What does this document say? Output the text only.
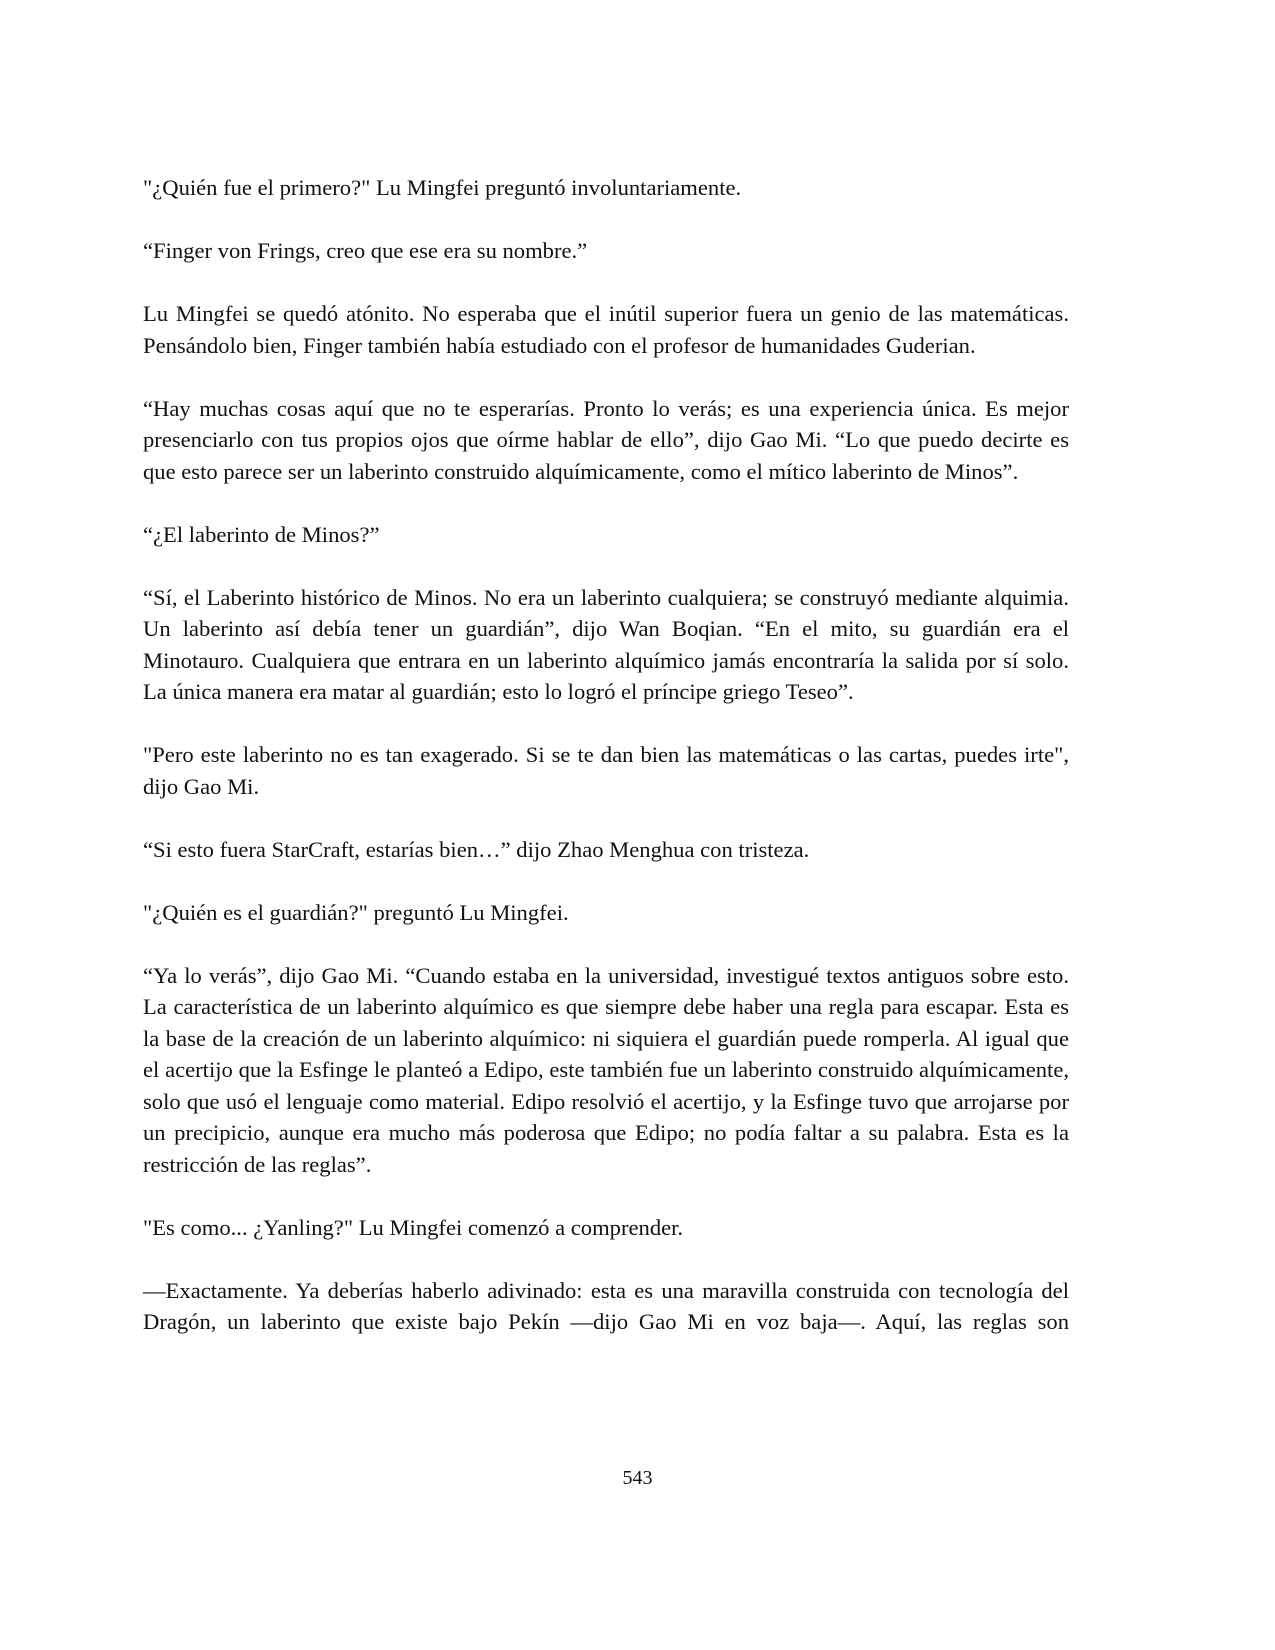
"¿Quién fue el primero?" Lu Mingfei preguntó involuntariamente.

“Finger von Frings, creo que ese era su nombre.”

Lu Mingfei se quedó atónito. No esperaba que el inútil superior fuera un genio de las matemáticas. Pensándolo bien, Finger también había estudiado con el profesor de humanidades Guderian.

“Hay muchas cosas aquí que no te esperarías. Pronto lo verás; es una experiencia única. Es mejor presenciarlo con tus propios ojos que oírme hablar de ello”, dijo Gao Mi. “Lo que puedo decirte es que esto parece ser un laberinto construido alquímicamente, como el mítico laberinto de Minos”.

“¿El laberinto de Minos?”

“Sí, el Laberinto histórico de Minos. No era un laberinto cualquiera; se construyó mediante alquimia. Un laberinto así debía tener un guardián”, dijo Wan Boqian. “En el mito, su guardián era el Minotauro. Cualquiera que entrara en un laberinto alquímico jamás encontraría la salida por sí solo. La única manera era matar al guardián; esto lo logró el príncipe griego Teseo”.

"Pero este laberinto no es tan exagerado. Si se te dan bien las matemáticas o las cartas, puedes irte", dijo Gao Mi.

“Si esto fuera StarCraft, estarías bien…” dijo Zhao Menghua con tristeza.

"¿Quién es el guardián?" preguntó Lu Mingfei.

“Ya lo verás”, dijo Gao Mi. “Cuando estaba en la universidad, investigué textos antiguos sobre esto. La característica de un laberinto alquímico es que siempre debe haber una regla para escapar. Esta es la base de la creación de un laberinto alquímico: ni siquiera el guardián puede romperla. Al igual que el acertijo que la Esfinge le planteó a Edipo, este también fue un laberinto construido alquímicamente, solo que usó el lenguaje como material. Edipo resolvió el acertijo, y la Esfinge tuvo que arrojarse por un precipicio, aunque era mucho más poderosa que Edipo; no podía faltar a su palabra. Esta es la restricción de las reglas”.

"Es como... ¿Yanling?" Lu Mingfei comenzó a comprender.

—Exactamente. Ya deberías haberlo adivinado: esta es una maravilla construida con tecnología del Dragón, un laberinto que existe bajo Pekín —dijo Gao Mi en voz baja—. Aquí, las reglas son

543
